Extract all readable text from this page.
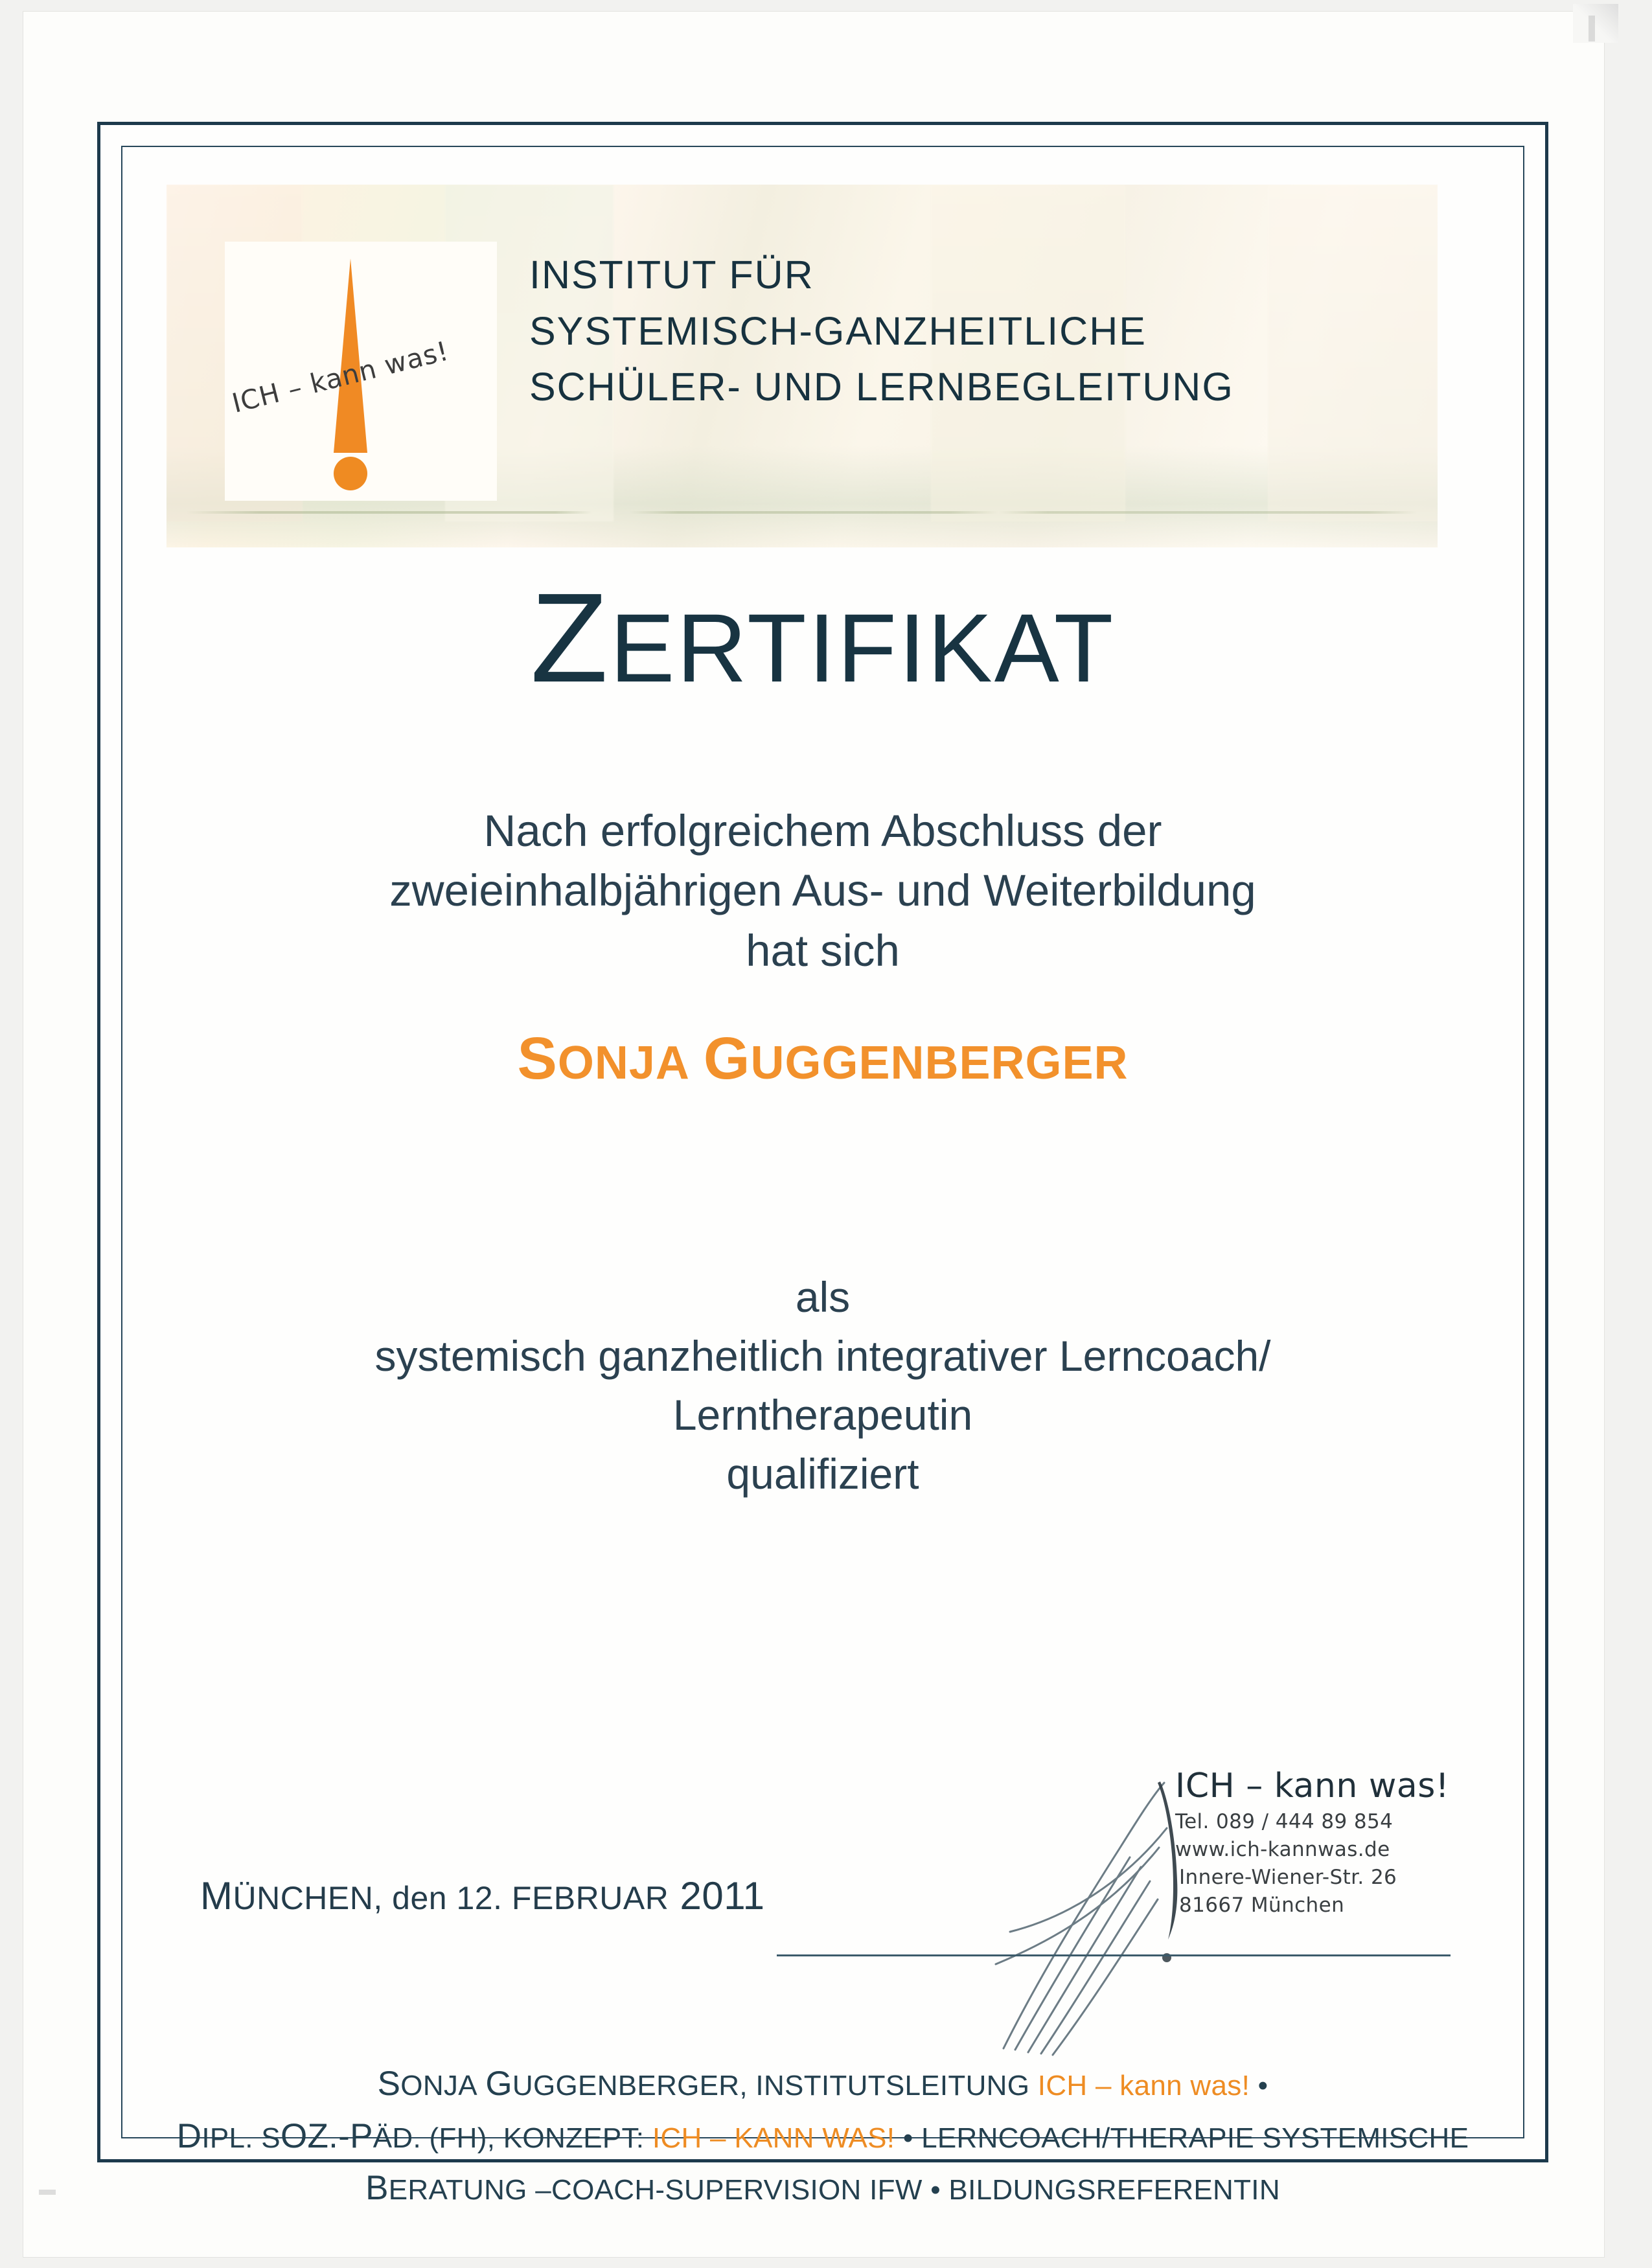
ICH – kann was!
INSTITUT FÜR
SYSTEMISCH-GANZHEITLICHE
SCHÜLER- UND LERNBEGLEITUNG
ZERTIFIKAT
Nach erfolgreichem Abschluss der
zweieinhalbjährigen Aus- und Weiterbildung
hat sich
SONJA GUGGENBERGER
als
systemisch ganzheitlich integrativer Lerncoach/
Lerntherapeutin
qualifiziert
MÜNCHEN, den 12. FEBRUAR 2011
ICH – kann was!
Tel. 089 / 444 89 854
www.ich-kannwas.de
Innere-Wiener-Str. 26
81667 München
SONJA GUGGENBERGER, INSTITUTSLEITUNG ICH – kann was! •
DIPL. SOZ.-PÄD. (FH), KONZEPT: ICH – KANN WAS! • LERNCOACH/THERAPIE SYSTEMISCHE
BERATUNG –COACH-SUPERVISION IFW • BILDUNGSREFERENTIN
